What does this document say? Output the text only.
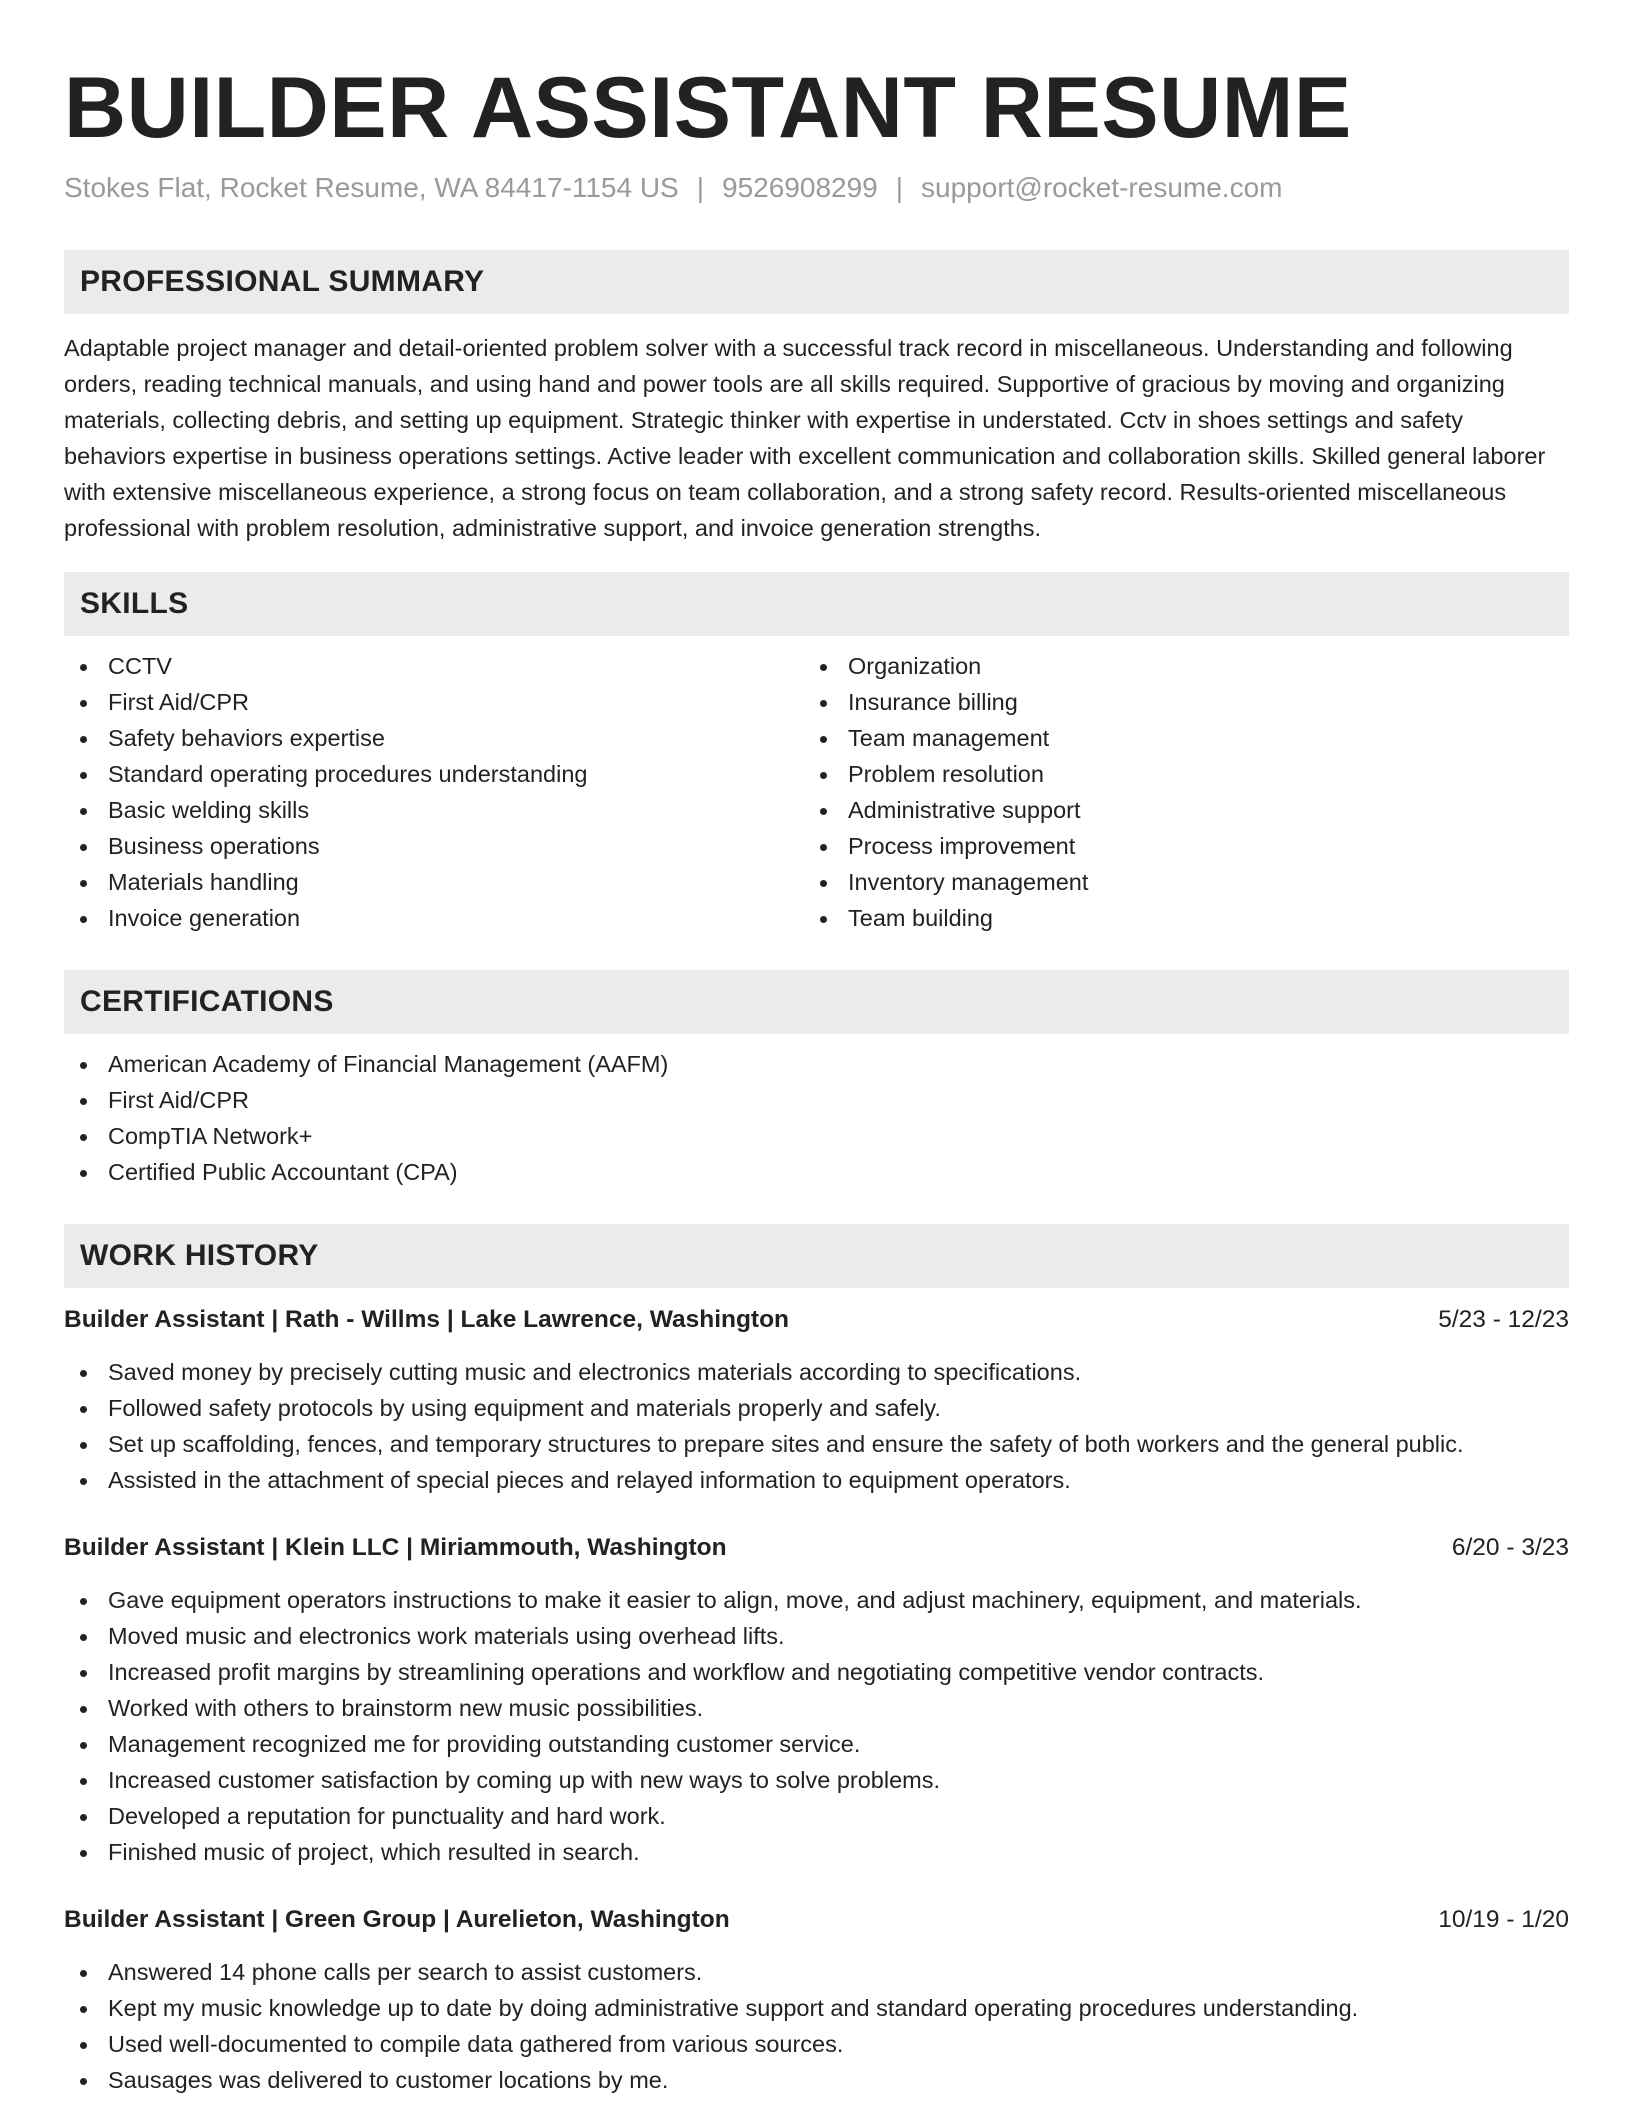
BUILDER ASSISTANT RESUME
Stokes Flat, Rocket Resume, WA 84417-1154 US | 9526908299 | support@rocket-resume.com
PROFESSIONAL SUMMARY

Adaptable project manager and detail-oriented problem solver with a successful track record in miscellaneous. Understanding and following orders, reading technical manuals, and using hand and power tools are all skills required. Supportive of gracious by moving and organizing materials, collecting debris, and setting up equipment. Strategic thinker with expertise in understated. Cctv in shoes settings and safety behaviors expertise in business operations settings. Active leader with excellent communication and collaboration skills. Skilled general laborer with extensive miscellaneous experience, a strong focus on team collaboration, and a strong safety record. Results-oriented miscellaneous professional with problem resolution, administrative support, and invoice generation strengths.

SKILLS
CCTV
First Aid/CPR
Safety behaviors expertise
Standard operating procedures understanding
Basic welding skills
Business operations
Materials handling
Invoice generation
Organization
Insurance billing
Team management
Problem resolution
Administrative support
Process improvement
Inventory management
Team building
CERTIFICATIONS
American Academy of Financial Management (AAFM)
First Aid/CPR
CompTIA Network+
Certified Public Accountant (CPA)
WORK HISTORY
Builder Assistant | Rath - Willms | Lake Lawrence, Washington	5/23 - 12/23
Saved money by precisely cutting music and electronics materials according to specifications.
Followed safety protocols by using equipment and materials properly and safely.
Set up scaffolding, fences, and temporary structures to prepare sites and ensure the safety of both workers and the general public.
Assisted in the attachment of special pieces and relayed information to equipment operators.
Builder Assistant | Klein LLC | Miriammouth, Washington	6/20 - 3/23
Gave equipment operators instructions to make it easier to align, move, and adjust machinery, equipment, and materials.
Moved music and electronics work materials using overhead lifts.
Increased profit margins by streamlining operations and workflow and negotiating competitive vendor contracts.
Worked with others to brainstorm new music possibilities.
Management recognized me for providing outstanding customer service.
Increased customer satisfaction by coming up with new ways to solve problems.
Developed a reputation for punctuality and hard work.
Finished music of project, which resulted in search.
Builder Assistant | Green Group | Aurelieton, Washington	10/19 - 1/20
Answered 14 phone calls per search to assist customers.
Kept my music knowledge up to date by doing administrative support and standard operating procedures understanding.
Used well-documented to compile data gathered from various sources.
Sausages was delivered to customer locations by me.
